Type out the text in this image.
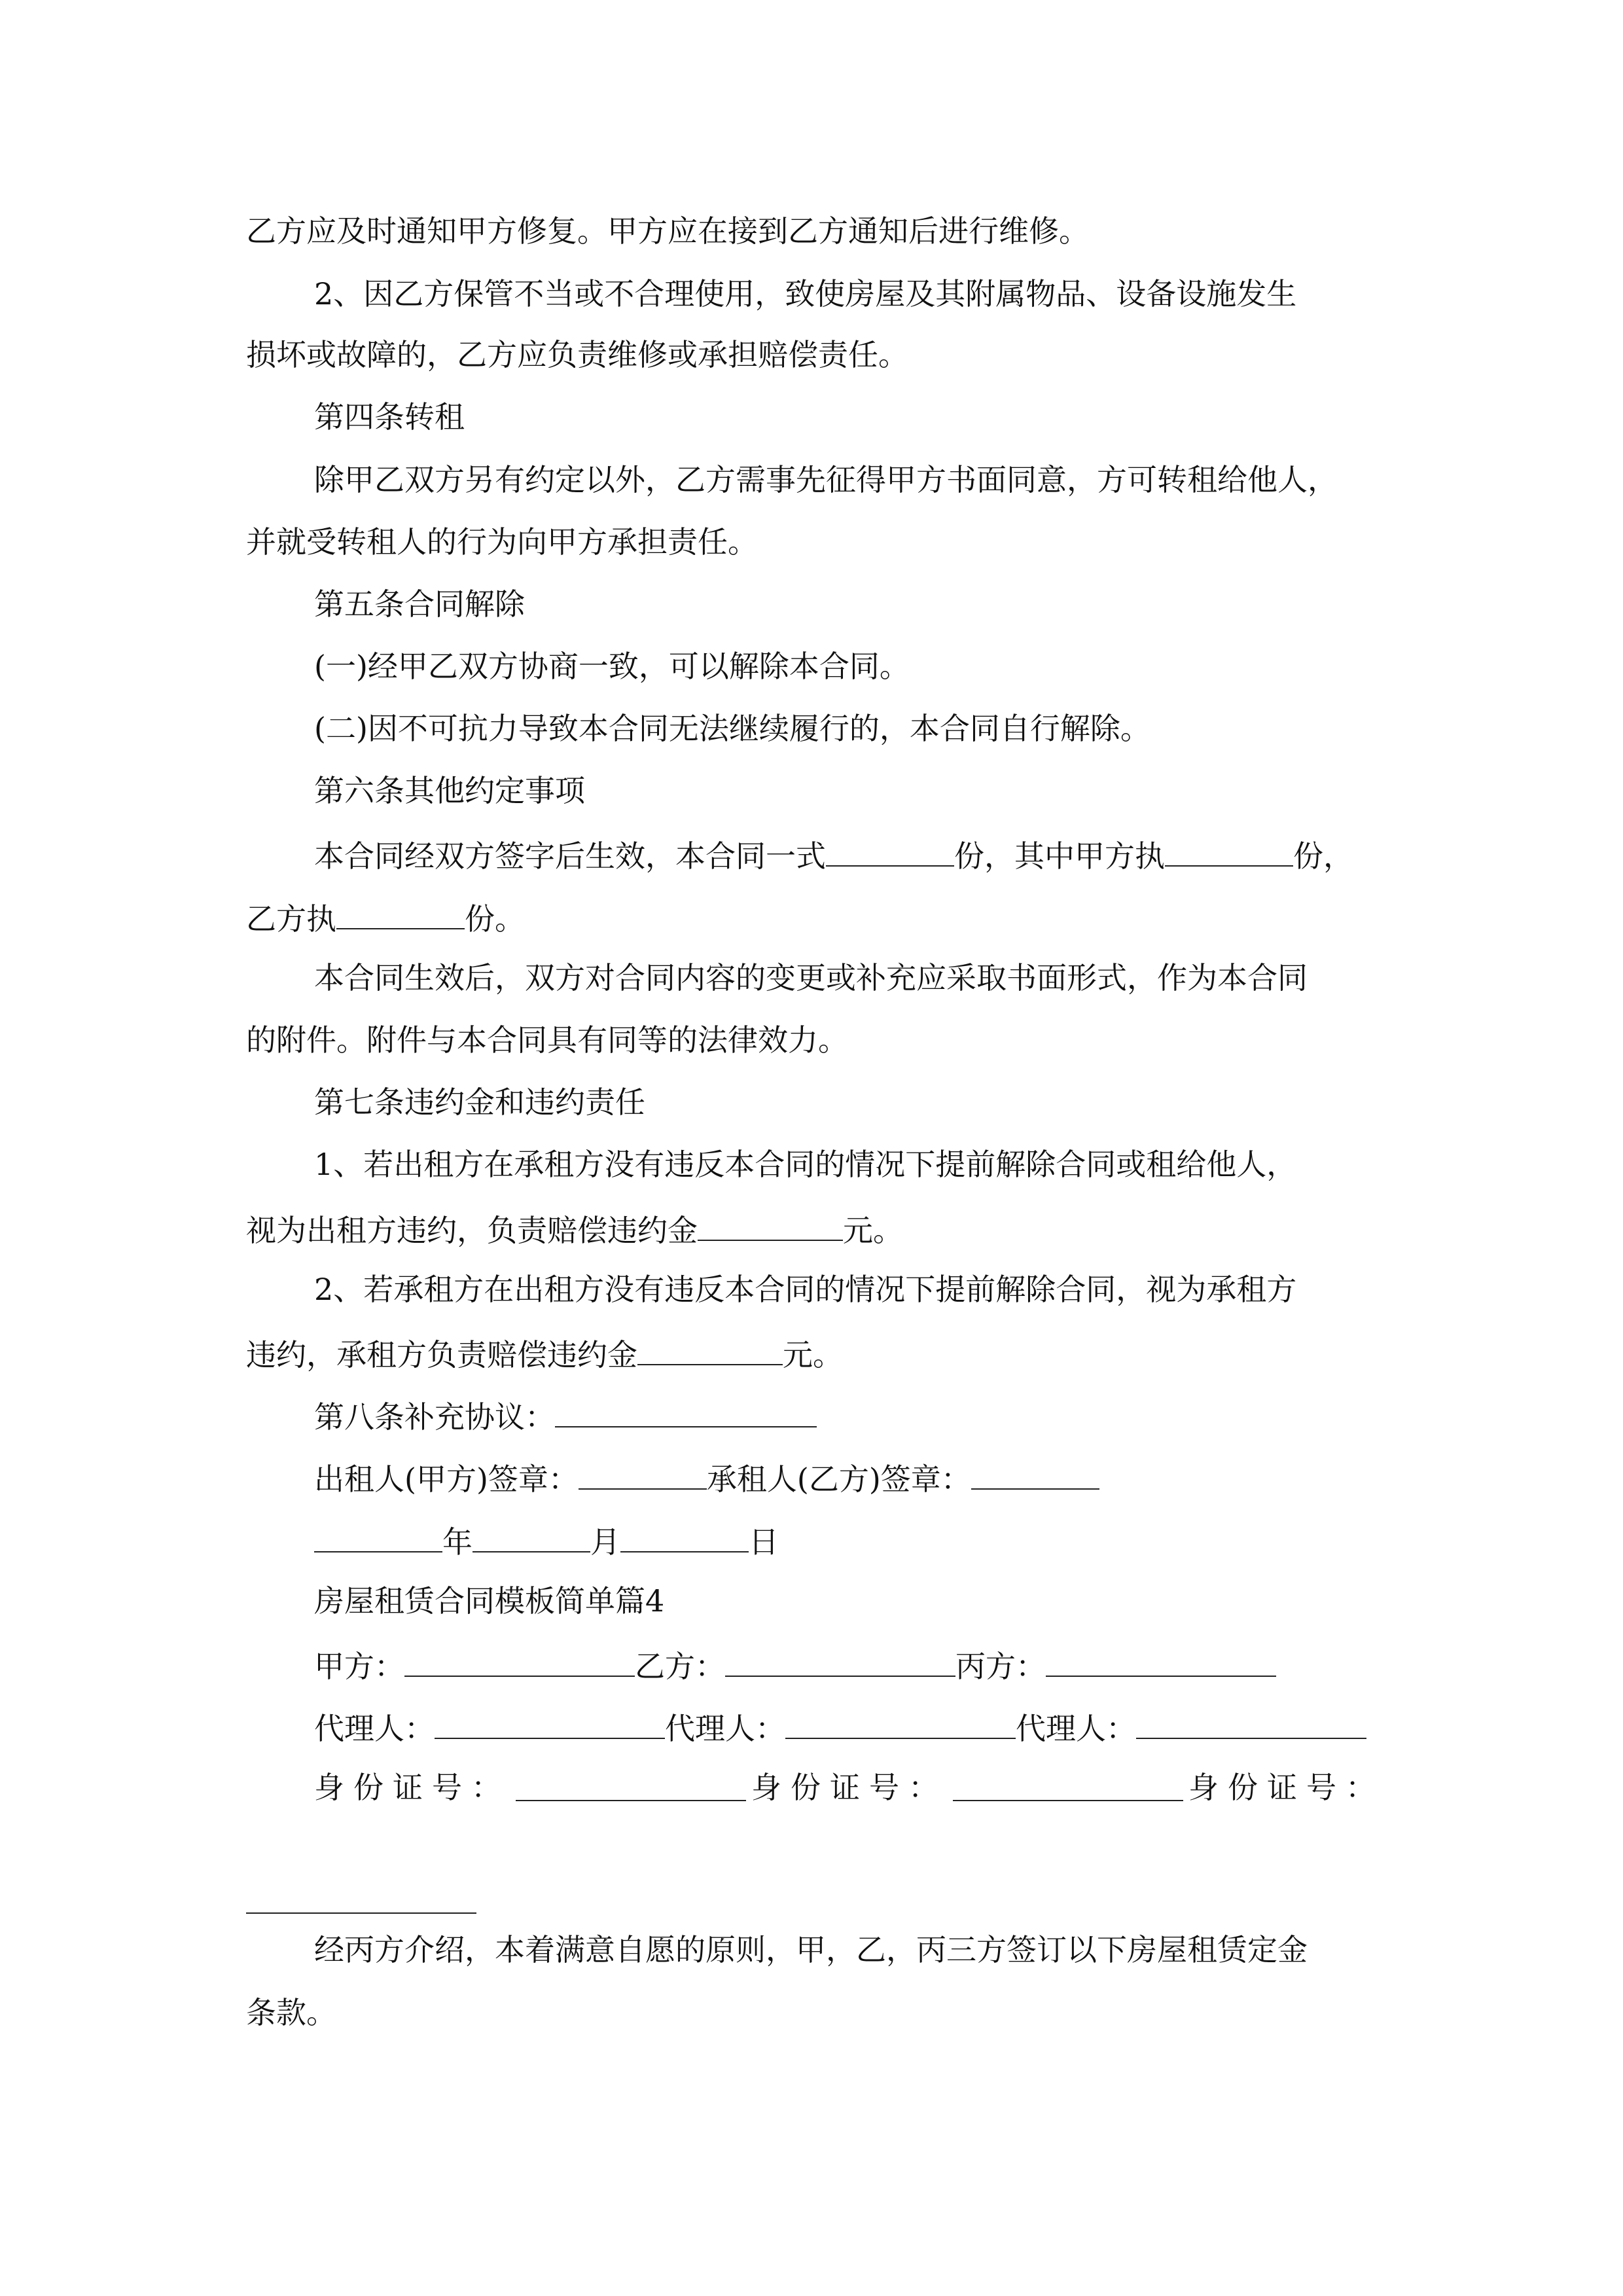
乙方应及时通知甲方修复。甲方应在接到乙方通知后进行维修。
2、因乙方保管不当或不合理使用，致使房屋及其附属物品、设备设施发生
损坏或故障的，乙方应负责维修或承担赔偿责任。
第四条转租
除甲乙双方另有约定以外，乙方需事先征得甲方书面同意，方可转租给他人，
并就受转租人的行为向甲方承担责任。
第五条合同解除
(一)经甲乙双方协商一致，可以解除本合同。
(二)因不可抗力导致本合同无法继续履行的，本合同自行解除。
第六条其他约定事项
本合同经双方签字后生效，本合同一式	份，其中甲方执	份，
乙方执	份。
本合同生效后，双方对合同内容的变更或补充应采取书面形式，作为本合同
的附件。附件与本合同具有同等的法律效力。
第七条违约金和违约责任
1、若出租方在承租方没有违反本合同的情况下提前解除合同或租给他人，
视为出租方违约，负责赔偿违约金	元。
2、若承租方在出租方没有违反本合同的情况下提前解除合同，视为承租方
违约，承租方负责赔偿违约金	元。
第八条补充协议：
出租人(甲方)签章：	承租人(乙方)签章：
年	月	日
房屋租赁合同模板简单篇4
甲方：	乙方：	丙方：
代理人：	代理人：	代理人：
身份证号：	身份证号：	身份证号：
经丙方介绍，本着满意自愿的原则，甲，乙，丙三方签订以下房屋租赁定金
条款。
